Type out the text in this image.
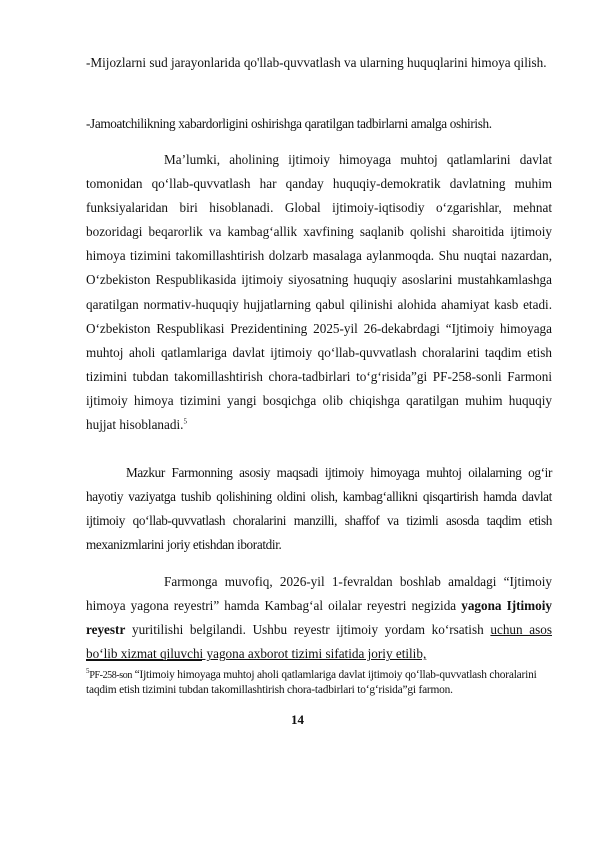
-Mijozlarni sud jarayonlarida qo'llab-quvvatlash va ularning huquqlarini himoya qilish.

-Jamoatchilikning xabardorligini oshirishga qaratilgan tadbirlarni amalga oshirish.

Ma’lumki, aholining ijtimoiy himoyaga muhtoj qatlamlarini davlat tomonidan qo‘llab-quvvatlash har qanday huquqiy-demokratik davlatning muhim funksiyalaridan biri hisoblanadi. Global ijtimoiy-iqtisodiy o‘zgarishlar, mehnat bozoridagi beqarorlik va kambag‘allik xavfining saqlanib qolishi sharoitida ijtimoiy himoya tizimini takomillashtirish dolzarb masalaga aylanmoqda. Shu nuqtai nazardan, O‘zbekiston Respublikasida ijtimoiy siyosatning huquqiy asoslarini mustahkamlashga qaratilgan normativ-huquqiy hujjatlarning qabul qilinishi alohida ahamiyat kasb etadi. O‘zbekiston Respublikasi Prezidentining 2025-yil 26-dekabrdagi “Ijtimoiy himoyaga muhtoj aholi qatlamlariga davlat ijtimoiy qo‘llab-quvvatlash choralarini taqdim etish tizimini tubdan takomillashtirish chora-tadbirlari to‘g‘risida”gi PF-258-sonli Farmoni ijtimoiy himoya tizimini yangi bosqichga olib chiqishga qaratilgan muhim huquqiy hujjat hisoblanadi.$^5$

Mazkur Farmonning asosiy maqsadi ijtimoiy himoyaga muhtoj oilalarning og‘ir hayotiy vaziyatga tushib qolishining oldini olish, kambag‘allikni qisqartirish hamda davlat ijtimoiy qo‘llab-quvvatlash choralarini manzilli, shaffof va tizimli asosda taqdim etish mexanizmlarini joriy etishdan iboratdir.

Farmonga muvofiq, 2026-yil 1-fevraldan boshlab amaldagi “Ijtimoiy himoya yagona reyestri” hamda Kambag‘al oilalar reyestri negizida yagona Ijtimoiy reyestr yuritilishi belgilandi. Ushbu reyestr ijtimoiy yordam ko‘rsatish uchun asos bo‘lib xizmat qiluvchi yagona axborot tizimi sifatida joriy etilib,

$^5$PF-258-son “Ijtimoiy himoyaga muhtoj aholi qatlamlariga davlat ijtimoiy qo‘llab-quvvatlash choralarini taqdim etish tizimini tubdan takomillashtirish chora-tadbirlari to‘g‘risida”gi farmon.

14
